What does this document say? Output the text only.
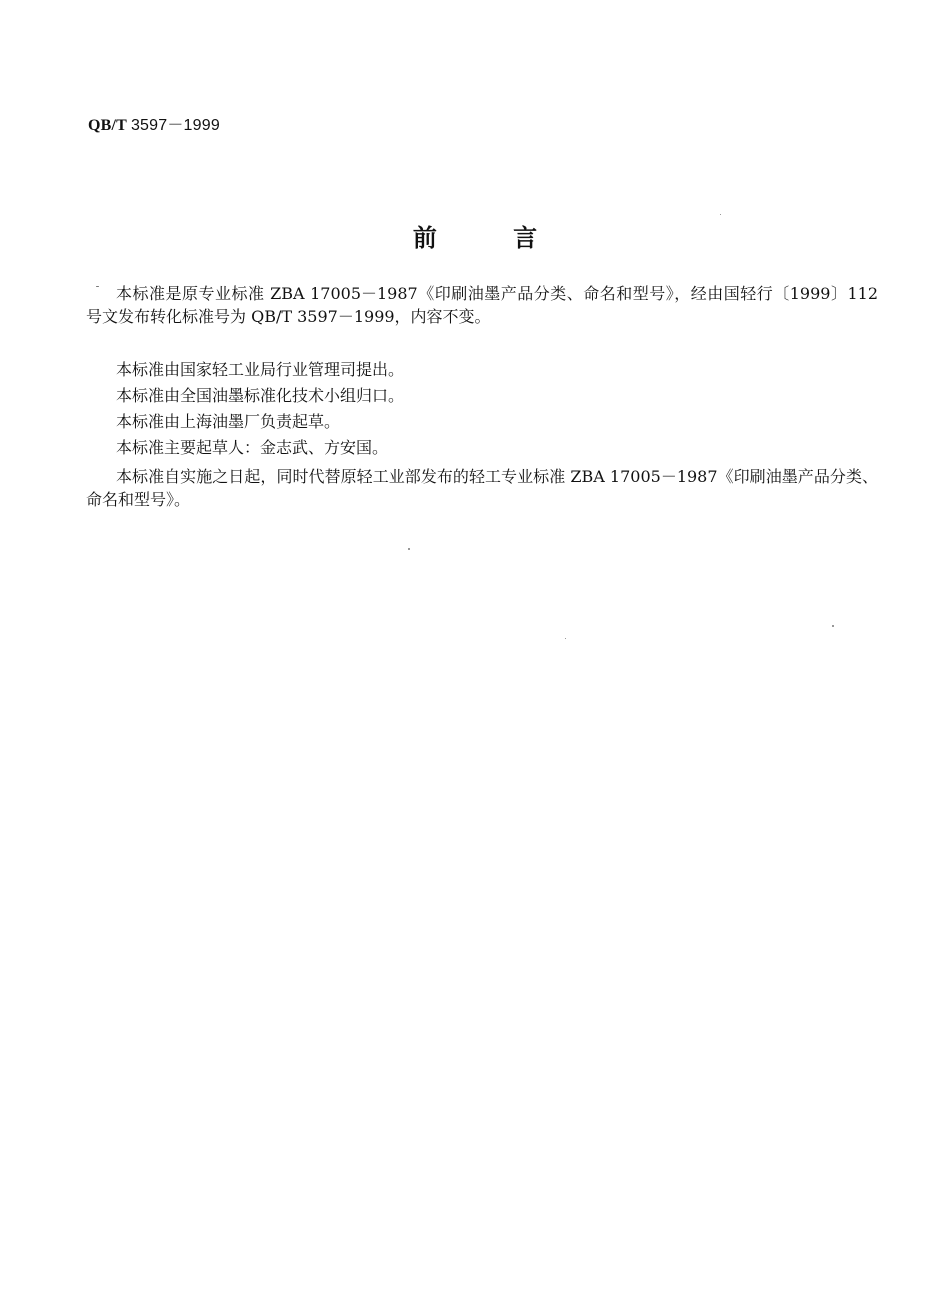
QB/T 3597－1999
前 言

本标准是原专业标准 ZBA 17005－1987《印刷油墨产品分类、命名和型号》，经由国轻行〔1999〕112 号文发布转化标准号为 QB/T 3597－1999，内容不变。

本标准由国家轻工业局行业管理司提出。

本标准由全国油墨标准化技术小组归口。

本标准由上海油墨厂负责起草。

本标准主要起草人：金志武、方安国。

本标准自实施之日起，同时代替原轻工业部发布的轻工专业标准 ZBA 17005－1987《印刷油墨产品分类、命名和型号》。
